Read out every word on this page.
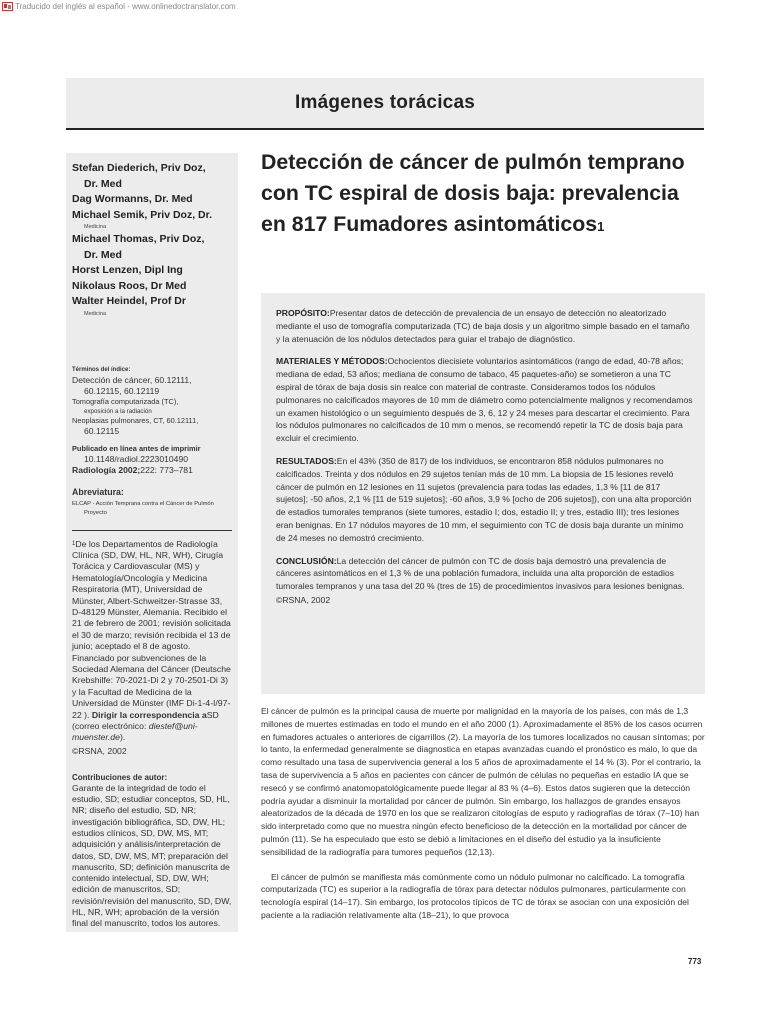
Traducido del inglés al español - www.onlinedoctranslator.com
Imágenes torácicas
Stefan Diederich, Priv Doz,
Dr. Med
Dag Wormanns, Dr. Med
Michael Semik, Priv Doz, Dr.
Medicina
Michael Thomas, Priv Doz,
Dr. Med
Horst Lenzen, Dipl Ing
Nikolaus Roos, Dr Med
Walter Heindel, Prof Dr
Medicina
Términos del índice:
Detección de cáncer, 60.12111,
60.12115, 60.12119
Tomografía computarizada (TC),
exposición a la radiación
Neoplasias pulmonares, CT, 60.12111,
60.12115
Publicado en línea antes de imprimir
10.1148/radiol.2223010490
Radiología 2002;222: 773–781
Abreviatura:
ELCAP - Acción Temprana contra el Cáncer de Pulmón
Proyecto
$^1$De los Departamentos de Radiología Clínica (SD, DW, HL, NR, WH), Cirugía Torácica y Cardiovascular (MS) y Hematología/Oncología y Medicina Respiratoria (MT), Universidad de Münster, Albert-Schweitzer-Strasse 33, D-48129 Münster, Alemania. Recibido el 21 de febrero de 2001; revisión solicitada el 30 de marzo; revisión recibida el 13 de junio; aceptado el 8 de agosto. Financiado por subvenciones de la Sociedad Alemana del Cáncer (Deutsche Krebshilfe: 70-2021-Di 2 y 70-2501-Di 3) y la Facultad de Medicina de la Universidad de Münster (IMF Di-1-4-I/97-22 ). Dirigir la correspondencia aSD (correo electrónico: diestef@uni-muenster.de).
©RSNA, 2002
Contribuciones de autor:
Garante de la integridad de todo el estudio, SD; estudiar conceptos, SD, HL, NR; diseño del estudio, SD, NR; investigación bibliográfica, SD, DW, HL; estudios clínicos, SD, DW, MS, MT; adquisición y análisis/interpretación de datos, SD, DW, MS, MT; preparación del manuscrito, SD; definición manuscrita de contenido intelectual, SD, DW, WH; edición de manuscritos, SD; revisión/revisión del manuscrito, SD, DW, HL, NR, WH; aprobación de la versión final del manuscrito, todos los autores.
Detección de cáncer de pulmón temprano con TC espiral de dosis baja: prevalencia en 817 Fumadores asintomáticos1

PROPÓSITO:Presentar datos de detección de prevalencia de un ensayo de detección no aleatorizado mediante el uso de tomografía computarizada (TC) de baja dosis y un algoritmo simple basado en el tamaño y la atenuación de los nódulos detectados para guiar el trabajo de diagnóstico.

MATERIALES Y MÉTODOS:Ochocientos diecisiete voluntarios asintomáticos (rango de edad, 40-78 años; mediana de edad, 53 años; mediana de consumo de tabaco, 45 paquetes-año) se sometieron a una TC espiral de tórax de baja dosis sin realce con material de contraste. Consideramos todos los nódulos pulmonares no calcificados mayores de 10 mm de diámetro como potencialmente malignos y recomendamos un examen histológico o un seguimiento después de 3, 6, 12 y 24 meses para descartar el crecimiento. Para los nódulos pulmonares no calcificados de 10 mm o menos, se recomendó repetir la TC de dosis baja para excluir el crecimiento.

RESULTADOS:En el 43% (350 de 817) de los individuos, se encontraron 858 nódulos pulmonares no calcificados. Treinta y dos nódulos en 29 sujetos tenían más de 10 mm. La biopsia de 15 lesiones reveló cáncer de pulmón en 12 lesiones en 11 sujetos (prevalencia para todas las edades, 1,3 % [11 de 817 sujetos]; -50 años, 2,1 % [11 de 519 sujetos]; -60 años, 3,9 % [ocho de 206 sujetos]), con una alta proporción de estadios tumorales tempranos (siete tumores, estadio I; dos, estadio II; y tres, estadio III); tres lesiones eran benignas. En 17 nódulos mayores de 10 mm, el seguimiento con TC de dosis baja durante un mínimo de 24 meses no demostró crecimiento.

CONCLUSIÓN:La detección del cáncer de pulmón con TC de dosis baja demostró una prevalencia de cánceres asintomáticos en el 1,3 % de una población fumadora, incluida una alta proporción de estadios tumorales tempranos y una tasa del 20 % (tres de 15) de procedimientos invasivos para lesiones benignas.

©RSNA, 2002

El cáncer de pulmón es la principal causa de muerte por malignidad en la mayoría de los países, con más de 1,3 millones de muertes estimadas en todo el mundo en el año 2000 (1). Aproximadamente el 85% de los casos ocurren en fumadores actuales o anteriores de cigarrillos (2). La mayoría de los tumores localizados no causan síntomas; por lo tanto, la enfermedad generalmente se diagnostica en etapas avanzadas cuando el pronóstico es malo, lo que da como resultado una tasa de supervivencia general a los 5 años de aproximadamente el 14 % (3). Por el contrario, la tasa de supervivencia a 5 años en pacientes con cáncer de pulmón de células no pequeñas en estadio IA que se resecó y se confirmó anatomopatológicamente puede llegar al 83 % (4–6). Estos datos sugieren que la detección podría ayudar a disminuir la mortalidad por cáncer de pulmón. Sin embargo, los hallazgos de grandes ensayos aleatorizados de la década de 1970 en los que se realizaron citologías de esputo y radiografías de tórax (7–10) han sido interpretado como que no muestra ningún efecto beneficioso de la detección en la mortalidad por cáncer de pulmón (11). Se ha especulado que esto se debió a limitaciones en el diseño del estudio ya la insuficiente sensibilidad de la radiografía para tumores pequeños (12,13).

El cáncer de pulmón se manifiesta más comúnmente como un nódulo pulmonar no calcificado. La tomografía computarizada (TC) es superior a la radiografía de tórax para detectar nódulos pulmonares, particularmente con tecnología espiral (14–17). Sin embargo, los protocolos típicos de TC de tórax se asocian con una exposición del paciente a la radiación relativamente alta (18–21), lo que provoca

773
